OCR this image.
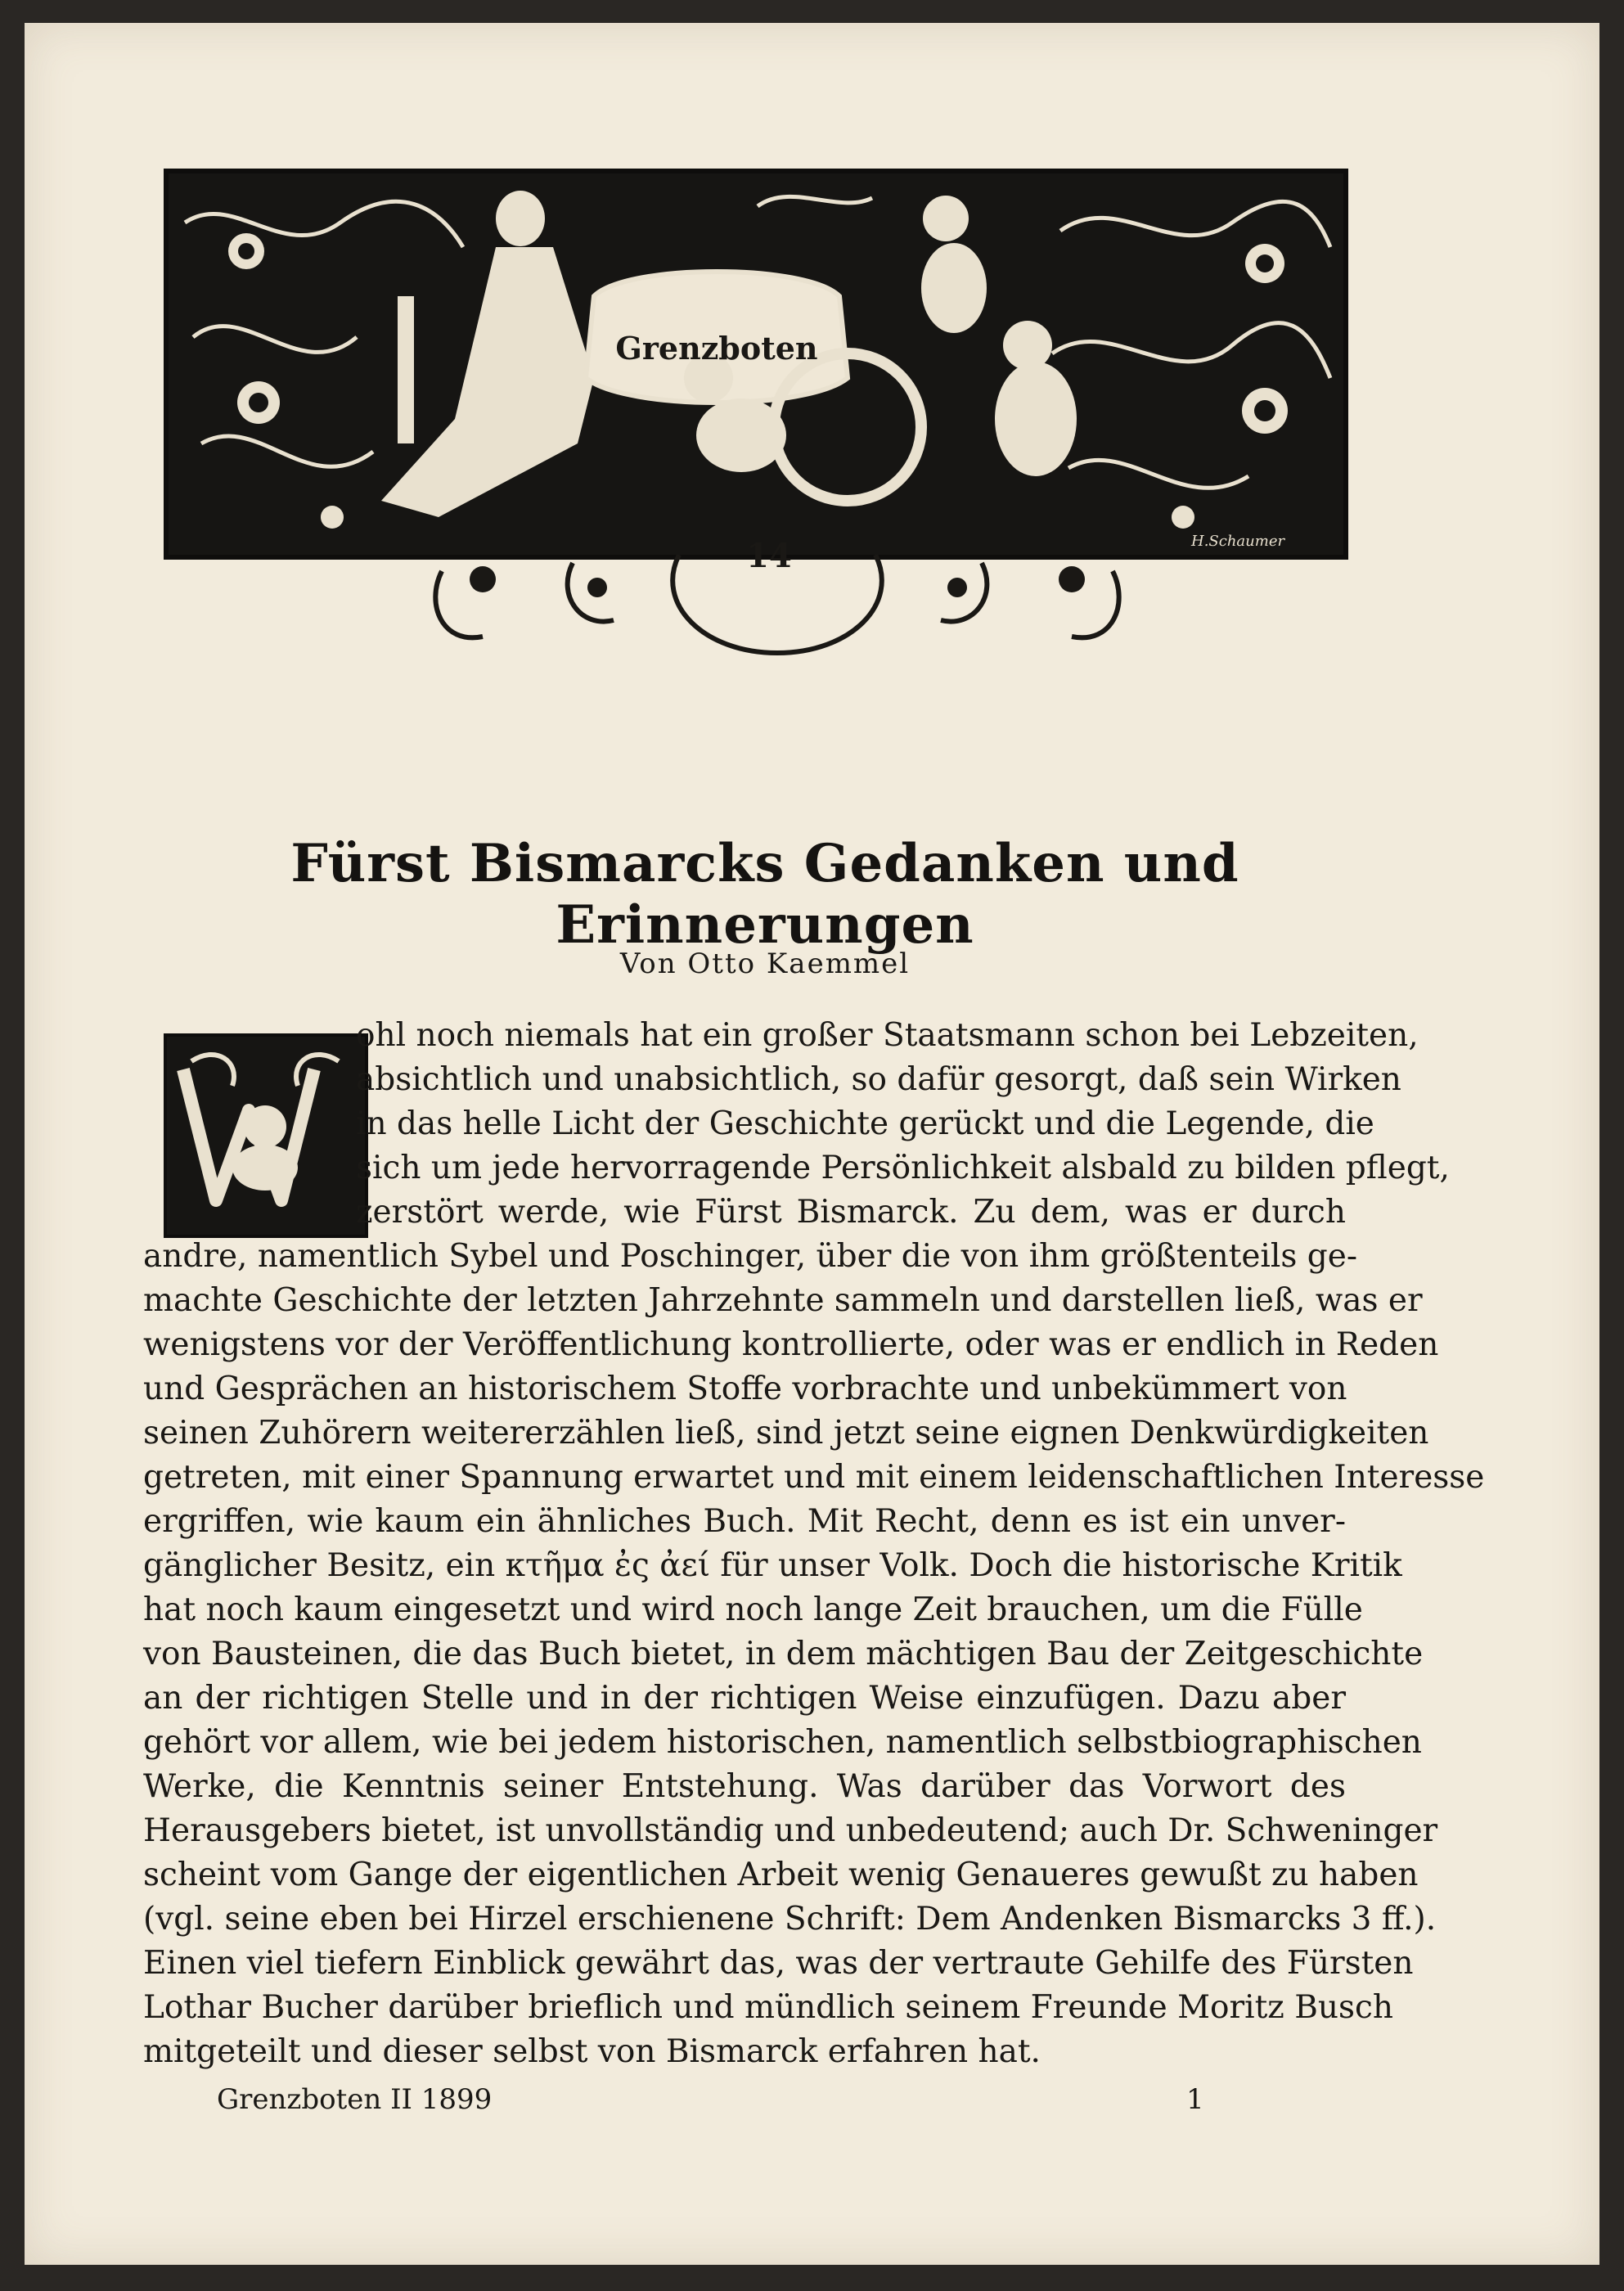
H.Schaumer
Grenzboten
14
Fürst Bismarcks Gedanken und Erinnerungen
Von Otto Kaemmel
ohl noch niemals hat ein großer Staatsmann schon bei Lebzeiten,
absichtlich und unabsichtlich, so dafür gesorgt, daß sein Wirken
in das helle Licht der Geschichte gerückt und die Legende, die
sich um jede hervorragende Persönlichkeit alsbald zu bilden pflegt,
zerstört werde, wie Fürst Bismarck. Zu dem, was er durch
andre, namentlich Sybel und Poschinger, über die von ihm größtenteils ge-
machte Geschichte der letzten Jahrzehnte sammeln und darstellen ließ, was er
wenigstens vor der Veröffentlichung kontrollierte, oder was er endlich in Reden
und Gesprächen an historischem Stoffe vorbrachte und unbekümmert von
seinen Zuhörern weitererzählen ließ, sind jetzt seine eignen Denkwürdigkeiten
getreten, mit einer Spannung erwartet und mit einem leidenschaftlichen Interesse
ergriffen, wie kaum ein ähnliches Buch. Mit Recht, denn es ist ein unver-
gänglicher Besitz, ein κτῆμα ἐς ἀεί für unser Volk. Doch die historische Kritik
hat noch kaum eingesetzt und wird noch lange Zeit brauchen, um die Fülle
von Bausteinen, die das Buch bietet, in dem mächtigen Bau der Zeitgeschichte
an der richtigen Stelle und in der richtigen Weise einzufügen. Dazu aber
gehört vor allem, wie bei jedem historischen, namentlich selbstbiographischen
Werke, die Kenntnis seiner Entstehung. Was darüber das Vorwort des
Herausgebers bietet, ist unvollständig und unbedeutend; auch Dr. Schweninger
scheint vom Gange der eigentlichen Arbeit wenig Genaueres gewußt zu haben
(vgl. seine eben bei Hirzel erschienene Schrift: Dem Andenken Bismarcks 3 ff.).
Einen viel tiefern Einblick gewährt das, was der vertraute Gehilfe des Fürsten
Lothar Bucher darüber brieflich und mündlich seinem Freunde Moritz Busch
mitgeteilt und dieser selbst von Bismarck erfahren hat.
Grenzboten II 1899	1
